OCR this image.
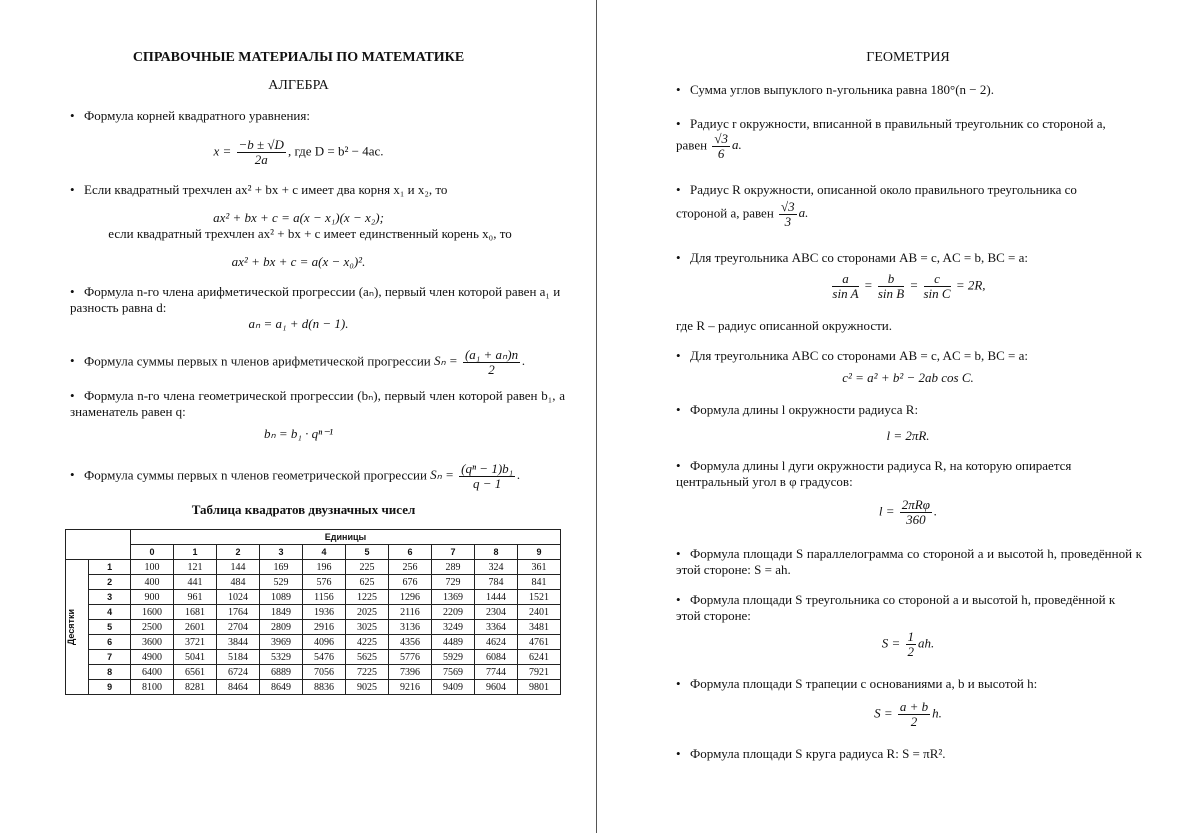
СПРАВОЧНЫЕ МАТЕРИАЛЫ ПО МАТЕМАТИКЕ
АЛГЕБРА
• Формула корней квадратного уравнения:
$x = \frac{-b \pm √D}{2a}$ , где D = b² − 4ac.
• Если квадратный трехчлен ax² + bx + c имеет два корня x₁ и x₂, то
ax² + bx + c = a(x − x₁)(x − x₂);
если квадратный трехчлен ax² + bx + c имеет единственный корень x₀, то
ax² + bx + c = a(x − x₀)².
• Формула n-го члена арифметической прогрессии (aₙ), первый член которой равен a₁ и разность равна d:
aₙ = a₁ + d(n − 1).
• Формула суммы первых n членов арифметической прогрессии $S_n = \frac{\text{(a₁ + aₙ)n}}{2}$ .
• Формула n-го члена геометрической прогрессии (bₙ), первый член которой равен b₁, а знаменатель равен q:
bₙ = b₁ · qⁿ⁻¹
• Формула суммы первых n членов геометрической прогрессии $S_n = \frac{\text{(qⁿ − 1)b₁}}{q - 1}$ .
Таблица квадратов двузначных чисел
		Единицы									
		0	1	2	3	4	5	6	7	8	9

Десятки	1	100	121	144	169	196	225	256	289	324	361
	2	400	441	484	529	576	625	676	729	784	841
	3	900	961	1024	1089	1156	1225	1296	1369	1444	1521
	4	1600	1681	1764	1849	1936	2025	2116	2209	2304	2401
	5	2500	2601	2704	2809	2916	3025	3136	3249	3364	3481
	6	3600	3721	3844	3969	4096	4225	4356	4489	4624	4761
	7	4900	5041	5184	5329	5476	5625	5776	5929	6084	6241
	8	6400	6561	6724	6889	7056	7225	7396	7569	7744	7921
	9	8100	8281	8464	8649	8836	9025	9216	9409	9604	9801
ГЕОМЕТРИЯ
• Сумма углов выпуклого n-угольника равна 180°(n − 2).
• Радиус r окружности, вписанной в правильный треугольник со стороной a,
равен $\frac{√3}{6} a$.
• Радиус R окружности, описанной около правильного треугольника со
стороной a, равен $\frac{√3}{3} a$.
• Для треугольника ABC со сторонами AB = c, AC = b, BC = a:
$\frac{a}{\text{sin A}} = \frac{b}{\text{sin B}} = \frac{c}{\text{sin C}} = 2R$,
где R – радиус описанной окружности.
• Для треугольника ABC со сторонами AB = c, AC = b, BC = a:
c² = a² + b² − 2ab cos C.
• Формула длины l окружности радиуса R:
l = 2πR.
• Формула длины l дуги окружности радиуса R, на которую опирается центральный угол в φ градусов:
$l = \frac{\text{2πRφ}}{360}$ .
• Формула площади S параллелограмма со стороной a и высотой h, проведённой к этой стороне: S = ah.
• Формула площади S треугольника со стороной a и высотой h, проведённой к этой стороне:
$S = \frac{1}{2}$ ah.
• Формула площади S трапеции с основаниями a, b и высотой h:
$S = \frac{a + b}{2} h$.
• Формула площади S круга радиуса R: S = πR².
